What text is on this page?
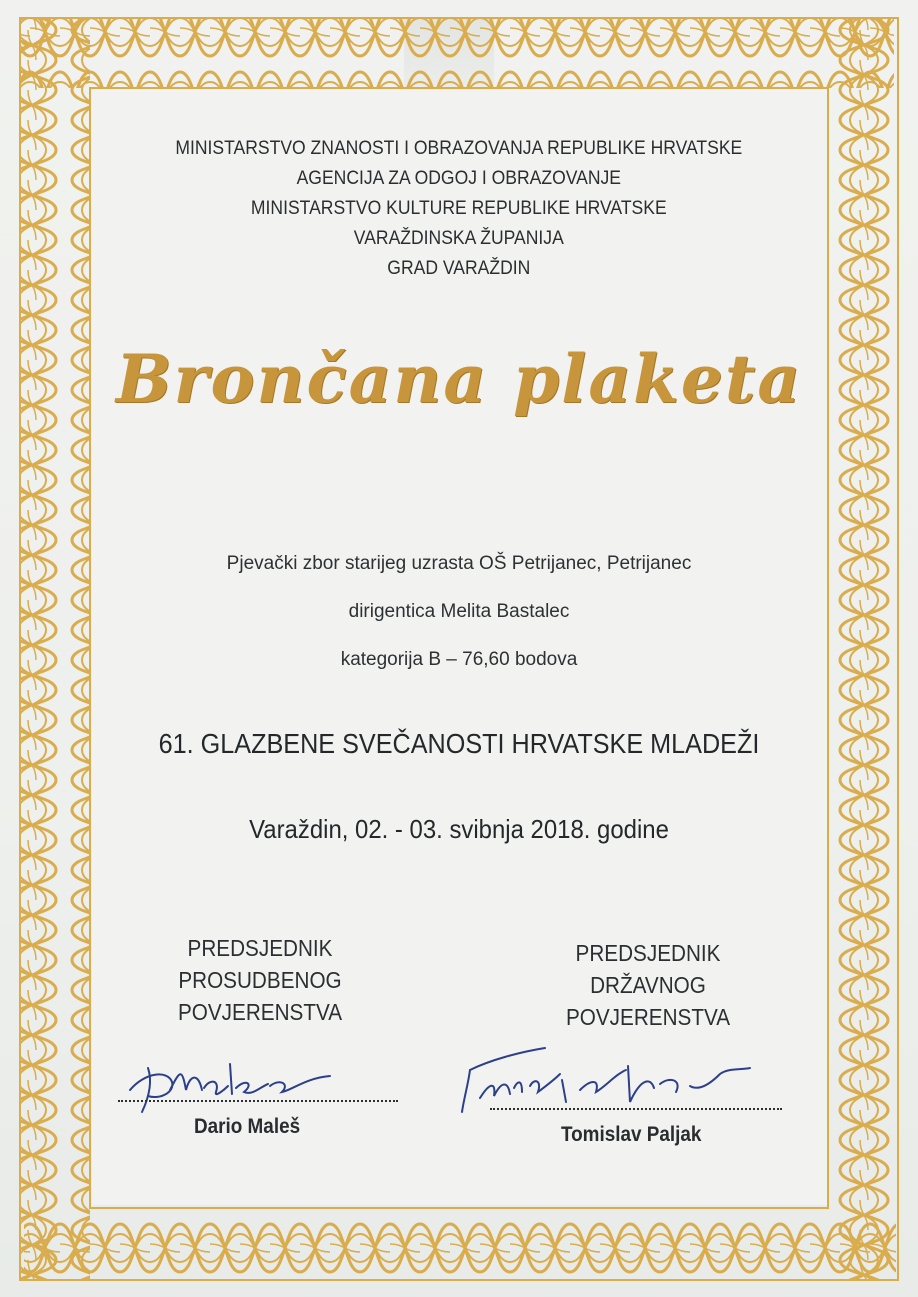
MINISTARSTVO ZNANOSTI I OBRAZOVANJA REPUBLIKE HRVATSKE
AGENCIJA ZA ODGOJ I OBRAZOVANJE
MINISTARSTVO KULTURE REPUBLIKE HRVATSKE
VARAŽDINSKA ŽUPANIJA
GRAD VARAŽDIN
Brončana plaketa
Pjevački zbor starijeg uzrasta OŠ Petrijanec, Petrijanec
dirigentica Melita Bastalec
kategorija B – 76,60 bodova
61. GLAZBENE SVEČANOSTI HRVATSKE MLADEŽI
Varaždin, 02. - 03. svibnja 2018. godine
PREDSJEDNIK
PROSUDBENOG
POVJERENSTVA
PREDSJEDNIK
DRŽAVNOG
POVJERENSTVA
Dario Maleš	Tomislav Paljak
